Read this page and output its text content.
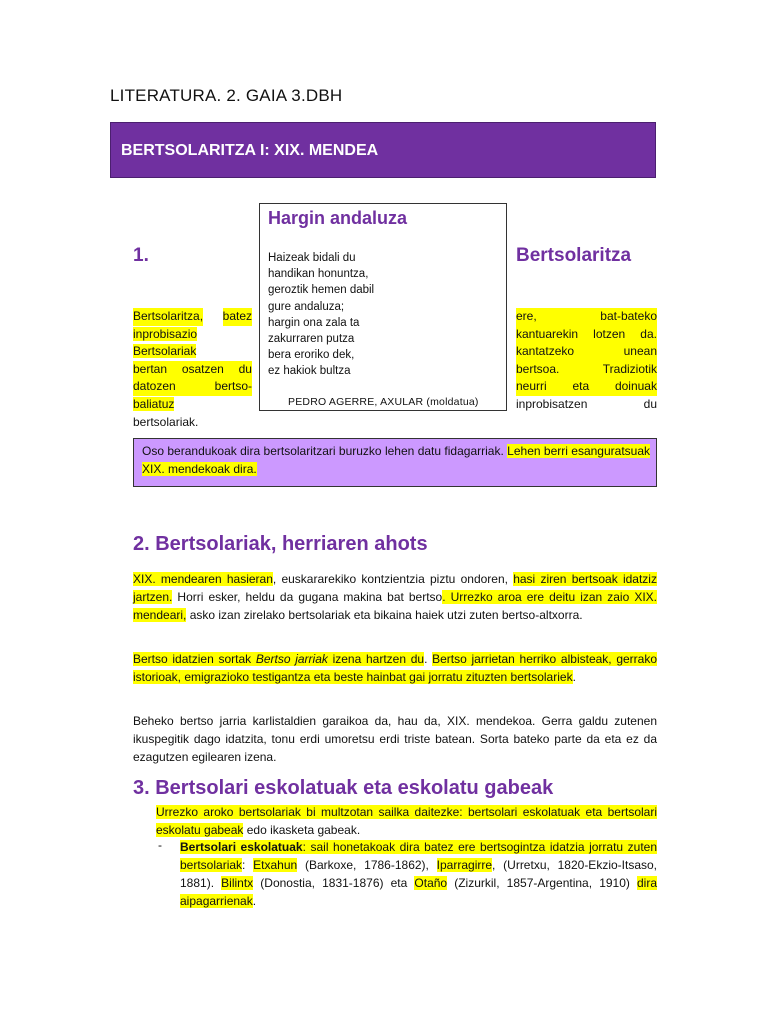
LITERATURA. 2. GAIA 3.DBH
BERTSOLARITZA I: XIX. MENDEA
1.	Bertsolaritza
Hargin andaluza
Haizeak bidali du
handikan honuntza,
geroztik hemen dabil
gure andaluza;
hargin ona zala ta
zakurraren putza
bera eroriko dek,
ez hakiok bultza
PEDRO AGERRE, AXULAR (moldatua)
Bertsolaritza, batez
inprobisazio
Bertsolariak
bertan osatzen du
datozen	bertso-
baliatuz
bertsolariak.
ere,	bat-bateko
kantuarekin lotzen da.
kantatzeko	unean
bertsoa.	Tradiziotik
neurri eta doinuak
inprobisatzen	du
Oso berandukoak dira bertsolaritzari buruzko lehen datu fidagarriak. Lehen berri esanguratsuak XIX. mendekoak dira.
2. Bertsolariak, herriaren ahots
XIX. mendearen hasieran, euskararekiko kontzientzia piztu ondoren, hasi ziren bertsoak idatziz jartzen. Horri esker, heldu da gugana makina bat bertso. Urrezko aroa ere deitu izan zaio XIX. mendeari, asko izan zirelako bertsolariak eta bikaina haiek utzi zuten bertso-altxorra.
Bertso idatzien sortak Bertso jarriak izena hartzen du. Bertso jarrietan herriko albisteak, gerrako istorioak, emigrazioko testigantza eta beste hainbat gai jorratu zituzten bertsolariek.
Beheko bertso jarria karlistaldien garaikoa da, hau da, XIX. mendekoa. Gerra galdu zutenen ikuspegitik dago idatzita, tonu erdi umoretsu erdi triste batean. Sorta bateko parte da eta ez da ezagutzen egilearen izena.
3. Bertsolari eskolatuak eta eskolatu gabeak
Urrezko aroko bertsolariak bi multzotan sailka daitezke: bertsolari eskolatuak eta bertsolari eskolatu gabeak edo ikasketa gabeak.
- Bertsolari eskolatuak: sail honetakoak dira batez ere bertsogintza idatzia jorratu zuten bertsolariak: Etxahun (Barkoxe, 1786-1862), Iparragirre, (Urretxu, 1820-Ekzio-Itsaso, 1881). Bilintx (Donostia, 1831-1876) eta Otaño (Zizurkil, 1857-Argentina, 1910) dira aipagarrienak.
